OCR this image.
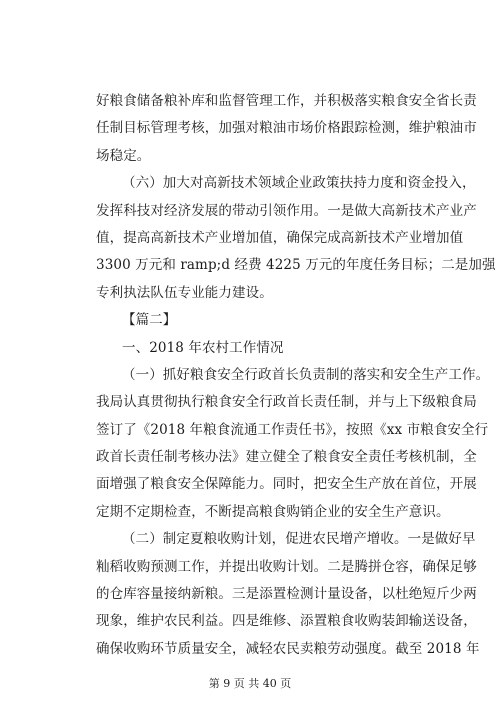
好粮食储备粮补库和监督管理工作，并积极落实粮食安全省长责
任制目标管理考核，加强对粮油市场价格跟踪检测，维护粮油市
场稳定。
（六）加大对高新技术领域企业政策扶持力度和资金投入，
发挥科技对经济发展的带动引领作用。一是做大高新技术产业产
值，提高高新技术产业增加值，确保完成高新技术产业增加值
3300 万元和 ramp;d 经费 4225 万元的年度任务目标；二是加强
专利执法队伍专业能力建设。
【篇二】
一、2018 年农村工作情况
（一）抓好粮食安全行政首长负责制的落实和安全生产工作。
我局认真贯彻执行粮食安全行政首长责任制，并与上下级粮食局
签订了《2018 年粮食流通工作责任书》，按照《xx 市粮食安全行
政首长责任制考核办法》建立健全了粮食安全责任考核机制，全
面增强了粮食安全保障能力。同时，把安全生产放在首位，开展
定期不定期检查，不断提高粮食购销企业的安全生产意识。
（二）制定夏粮收购计划，促进农民增产增收。一是做好早
籼稻收购预测工作，并提出收购计划。二是腾拼仓容，确保足够
的仓库容量接纳新粮。三是添置检测计量设备，以杜绝短斤少两
现象，维护农民利益。四是维修、添置粮食收购装卸输送设备，
确保收购环节质量安全，减轻农民卖粮劳动强度。截至 2018 年
第 9 页 共 40 页
